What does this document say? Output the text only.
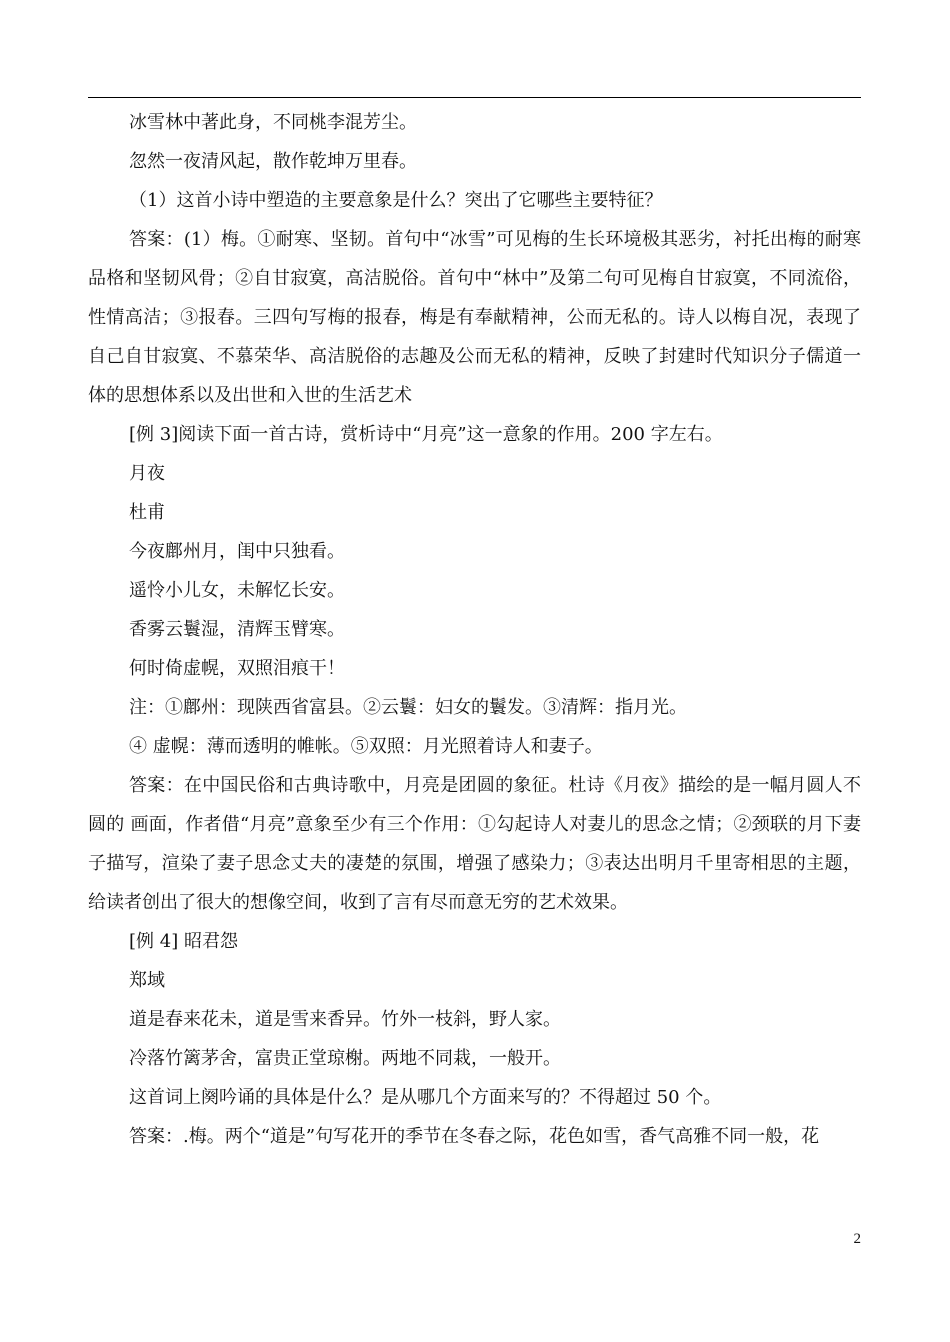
冰雪林中著此身，不同桃李混芳尘。

忽然一夜清风起，散作乾坤万里春。

（1）这首小诗中塑造的主要意象是什么？突出了它哪些主要特征？

答案：(1）梅。①耐寒、坚韧。首句中“冰雪”可见梅的生长环境极其恶劣，衬托出梅的耐寒品格和坚韧风骨；②自甘寂寞，高洁脱俗。首句中“林中”及第二句可见梅自甘寂寞，不同流俗，性情高洁；③报春。三四句写梅的报春，梅是有奉献精神，公而无私的。诗人以梅自况，表现了自己自甘寂寞、不慕荣华、高洁脱俗的志趣及公而无私的精神，反映了封建时代知识分子儒道一体的思想体系以及出世和入世的生活艺术

[例 3]阅读下面一首古诗，赏析诗中“月亮”这一意象的作用。200 字左右。

月夜

杜甫

今夜鄜州月，闺中只独看。

遥怜小儿女，未解忆长安。

香雾云鬟湿，清辉玉臂寒。

何时倚虚幌，双照泪痕干！

注：①鄜州：现陕西省富县。②云鬟：妇女的鬟发。③清辉：指月光。

④ 虚幌：薄而透明的帷帐。⑤双照：月光照着诗人和妻子。

答案：在中国民俗和古典诗歌中，月亮是团圆的象征。杜诗《月夜》描绘的是一幅月圆人不圆的 画面，作者借“月亮”意象至少有三个作用：①勾起诗人对妻儿的思念之情；②颈联的月下妻子描写，渲染了妻子思念丈夫的凄楚的氛围，增强了感染力；③表达出明月千里寄相思的主题，给读者创出了很大的想像空间，收到了言有尽而意无穷的艺术效果。

[例 4] 昭君怨

郑域

道是春来花未，道是雪来香异。竹外一枝斜，野人家。

冷落竹篱茅舍，富贵正堂琼榭。两地不同栽，一般开。

这首词上阕吟诵的具体是什么？是从哪几个方面来写的？不得超过 50 个。

答案：.梅。两个“道是”句写花开的季节在冬春之际，花色如雪，香气高雅不同一般，花

2
